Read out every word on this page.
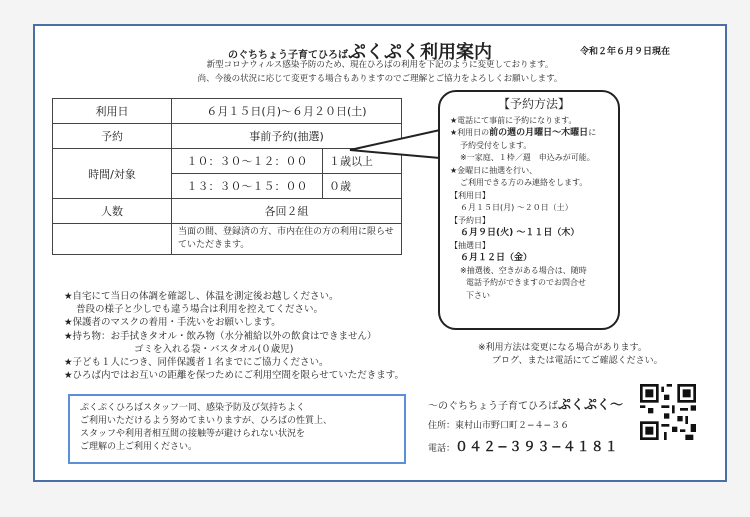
のぐちちょう子育てひろばぷくぷく利用案内	令和２年６月９日現在
新型コロナウィルス感染予防のため、現在ひろばの利用を下記のように変更しております。
尚、今後の状況に応じて変更する場合もありますのでご理解とご協力をよろしくお願いします。
利用日	６月１５日(月)〜６月２０日(土)	
予約	事前予約(抽選)	
時間/対象	１０：３０〜１２：００	１歳以上
	１３：３０〜１５：００	０歳
人数	各回２組	
	当面の間、登録済の方、市内在住の方の利用に限らせていただきます。	
【予約方法】
★電話にて事前に予約になります。
★利用日の前の週の月曜日〜木曜日に
予約受付をします。
※一家庭、１枠／週　申込みが可能。
★金曜日に抽選を行い、
ご利用できる方のみ連絡をします。
【利用日】
６月１５日(月) 〜２０日（土）
【予約日】
６月９日(火) 〜１１日（木）
【抽選日】
６月１２日（金）
※抽選後、空きがある場合は、随時
電話予約ができますのでお問合せ
下さい
★自宅にて当日の体調を確認し、体温を測定後お越しください。
普段の様子と少しでも違う場合は利用を控えてください。
★保護者のマスクの着用・手洗いをお願いします。
★持ち物：お手拭きタオル・飲み物（水分補給以外の飲食はできません）
ゴミを入れる袋・バスタオル(０歳児)
★子ども１人につき、同伴保護者１名までにご協力ください。
★ひろば内ではお互いの距離を保つためにご利用空間を限らせていただきます。
※利用方法は変更になる場合があります。
ブログ、または電話にてご確認ください。
ぷくぷくひろばスタッフ一同、感染予防及び気持ちよく
ご利用いただけるよう努めてまいりますが、ひろばの性質上、
スタッフや利用者相互間の接触等が避けられない状況を
ご理解の上ご利用ください。
〜のぐちちょう子育てひろばぷくぷく〜
住所：東村山市野口町２−４−３６
電話：０４２−３９３−４１８１
